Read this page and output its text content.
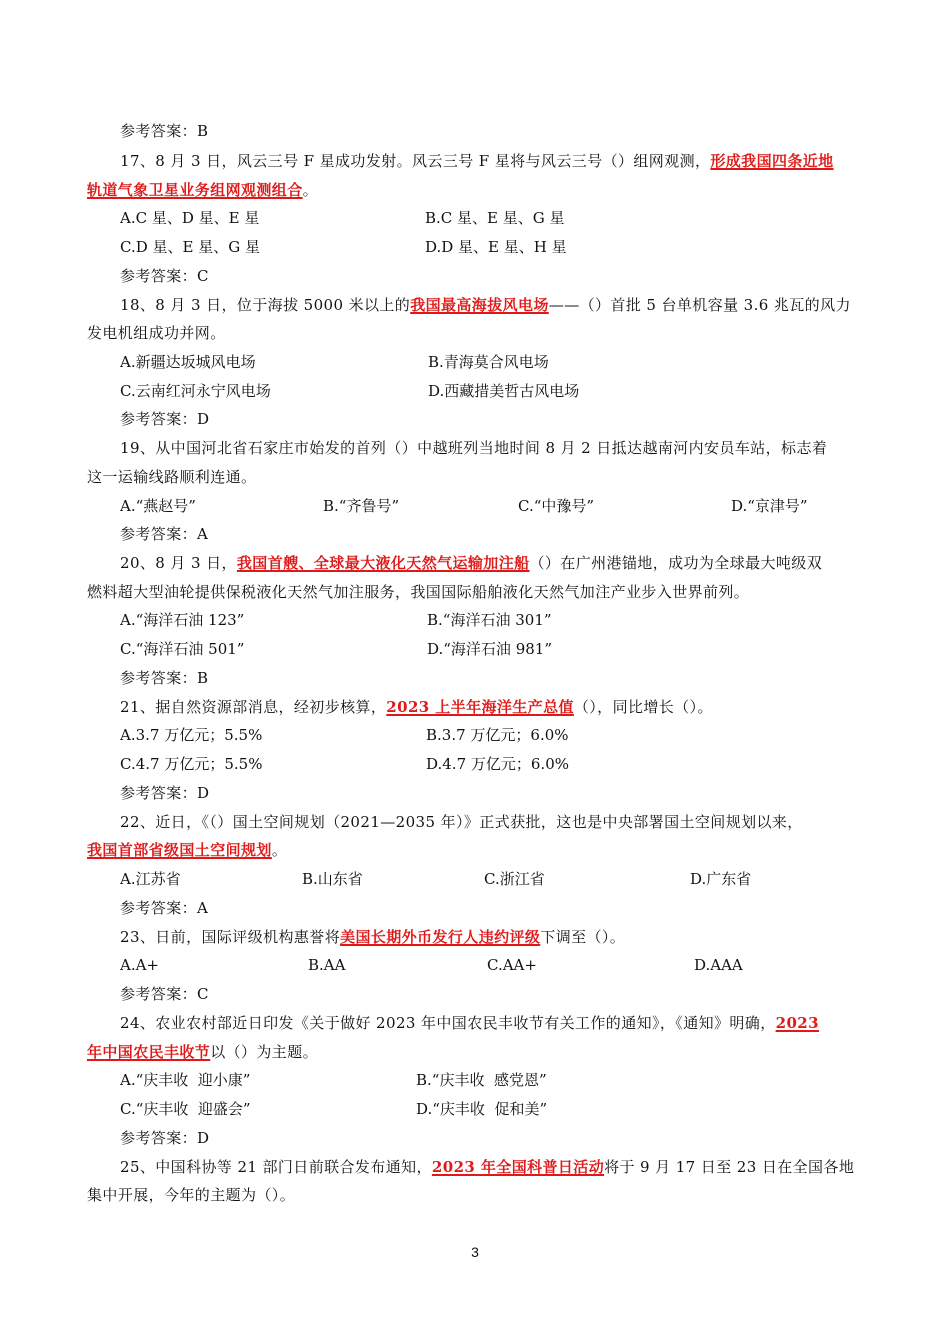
参考答案：B
17、8 月 3 日，风云三号 F 星成功发射。风云三号 F 星将与风云三号（）组网观测，形成我国四条近地
轨道气象卫星业务组网观测组合。
A.C 星、D 星、E 星	B.C 星、E 星、G 星
C.D 星、E 星、G 星	D.D 星、E 星、H 星
参考答案：C
18、8 月 3 日，位于海拔 5000 米以上的我国最高海拔风电场——（）首批 5 台单机容量 3.6 兆瓦的风力
发电机组成功并网。
A.新疆达坂城风电场	B.青海莫合风电场
C.云南红河永宁风电场	D.西藏措美哲古风电场
参考答案：D
19、从中国河北省石家庄市始发的首列（）中越班列当地时间 8 月 2 日抵达越南河内安员车站，标志着
这一运输线路顺利连通。
A.“燕赵号”	B.“齐鲁号”	C.“中豫号”	D.“京津号”
参考答案：A
20、8 月 3 日，我国首艘、全球最大液化天然气运输加注船（）在广州港锚地，成功为全球最大吨级双
燃料超大型油轮提供保税液化天然气加注服务，我国国际船舶液化天然气加注产业步入世界前列。
A.“海洋石油 123”	B.“海洋石油 301”
C.“海洋石油 501”	D.“海洋石油 981”
参考答案：B
21、据自然资源部消息，经初步核算，2023 上半年海洋生产总值（），同比增长（）。
A.3.7 万亿元；5.5%	B.3.7 万亿元；6.0%
C.4.7 万亿元；5.5%	D.4.7 万亿元；6.0%
参考答案：D
22、近日，《（）国土空间规划（2021—2035 年）》正式获批，这也是中央部署国土空间规划以来，
我国首部省级国土空间规划。
A.江苏省	B.山东省	C.浙江省	D.广东省
参考答案：A
23、日前，国际评级机构惠誉将美国长期外币发行人违约评级下调至（）。
A.A+	B.AA	C.AA+	D.AAA
参考答案：C
24、农业农村部近日印发《关于做好 2023 年中国农民丰收节有关工作的通知》，《通知》明确，2023
年中国农民丰收节以（）为主题。
A.“庆丰收  迎小康”	B.“庆丰收  感党恩”
C.“庆丰收  迎盛会”	D.“庆丰收  促和美”
参考答案：D
25、中国科协等 21 部门日前联合发布通知，2023 年全国科普日活动将于 9 月 17 日至 23 日在全国各地
集中开展，今年的主题为（）。
3
